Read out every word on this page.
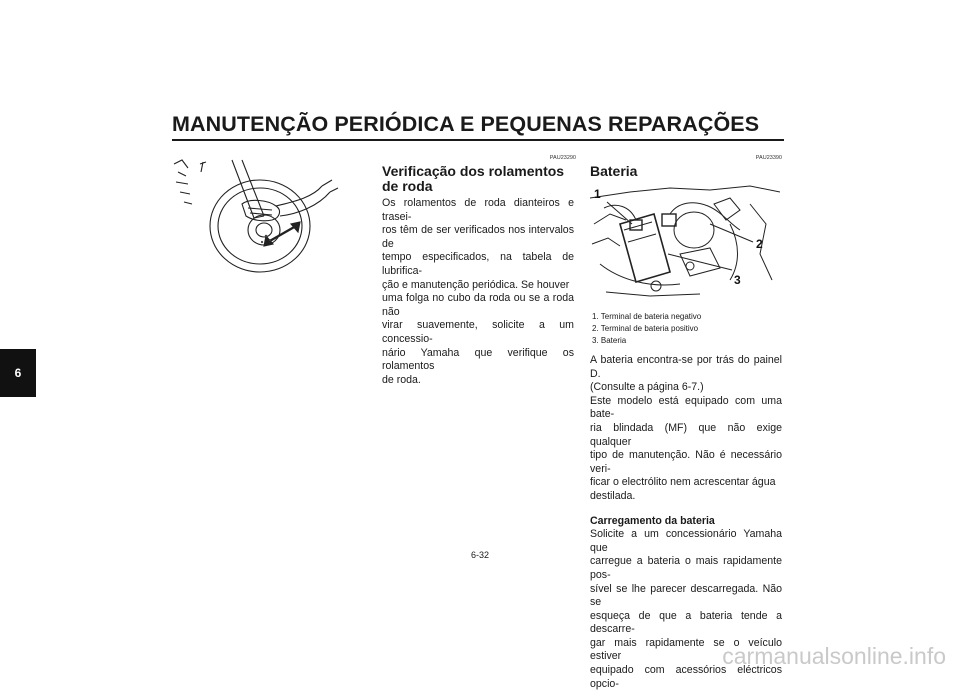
MANUTENÇÃO PERIÓDICA E PEQUENAS REPARAÇÕES
6
PAU23290
Verificação dos rolamentos de roda

Os rolamentos de roda dianteiros e trasei-

ros têm de ser verificados nos intervalos de

tempo especificados, na tabela de lubrifica-

ção e manutenção periódica. Se houver

uma folga no cubo da roda ou se a roda não

virar suavemente, solicite a um concessio-

nário Yamaha que verifique os rolamentos

de roda.

PAU23390
Bateria
1
2
3
1. Terminal de bateria negativo
2. Terminal de bateria positivo
3. Bateria

A bateria encontra-se por trás do painel D.

(Consulte a página 6-7.)

Este modelo está equipado com uma bate-

ria blindada (MF) que não exige qualquer

tipo de manutenção. Não é necessário veri-

ficar o electrólito nem acrescentar água

destilada.

Carregamento da bateria

Solicite a um concessionário Yamaha que

carregue a bateria o mais rapidamente pos-

sível se lhe parecer descarregada. Não se

esqueça de que a bateria tende a descarre-

gar mais rapidamente se o veículo estiver

equipado com acessórios eléctricos opcio-

6-32
carmanualsonline.info
